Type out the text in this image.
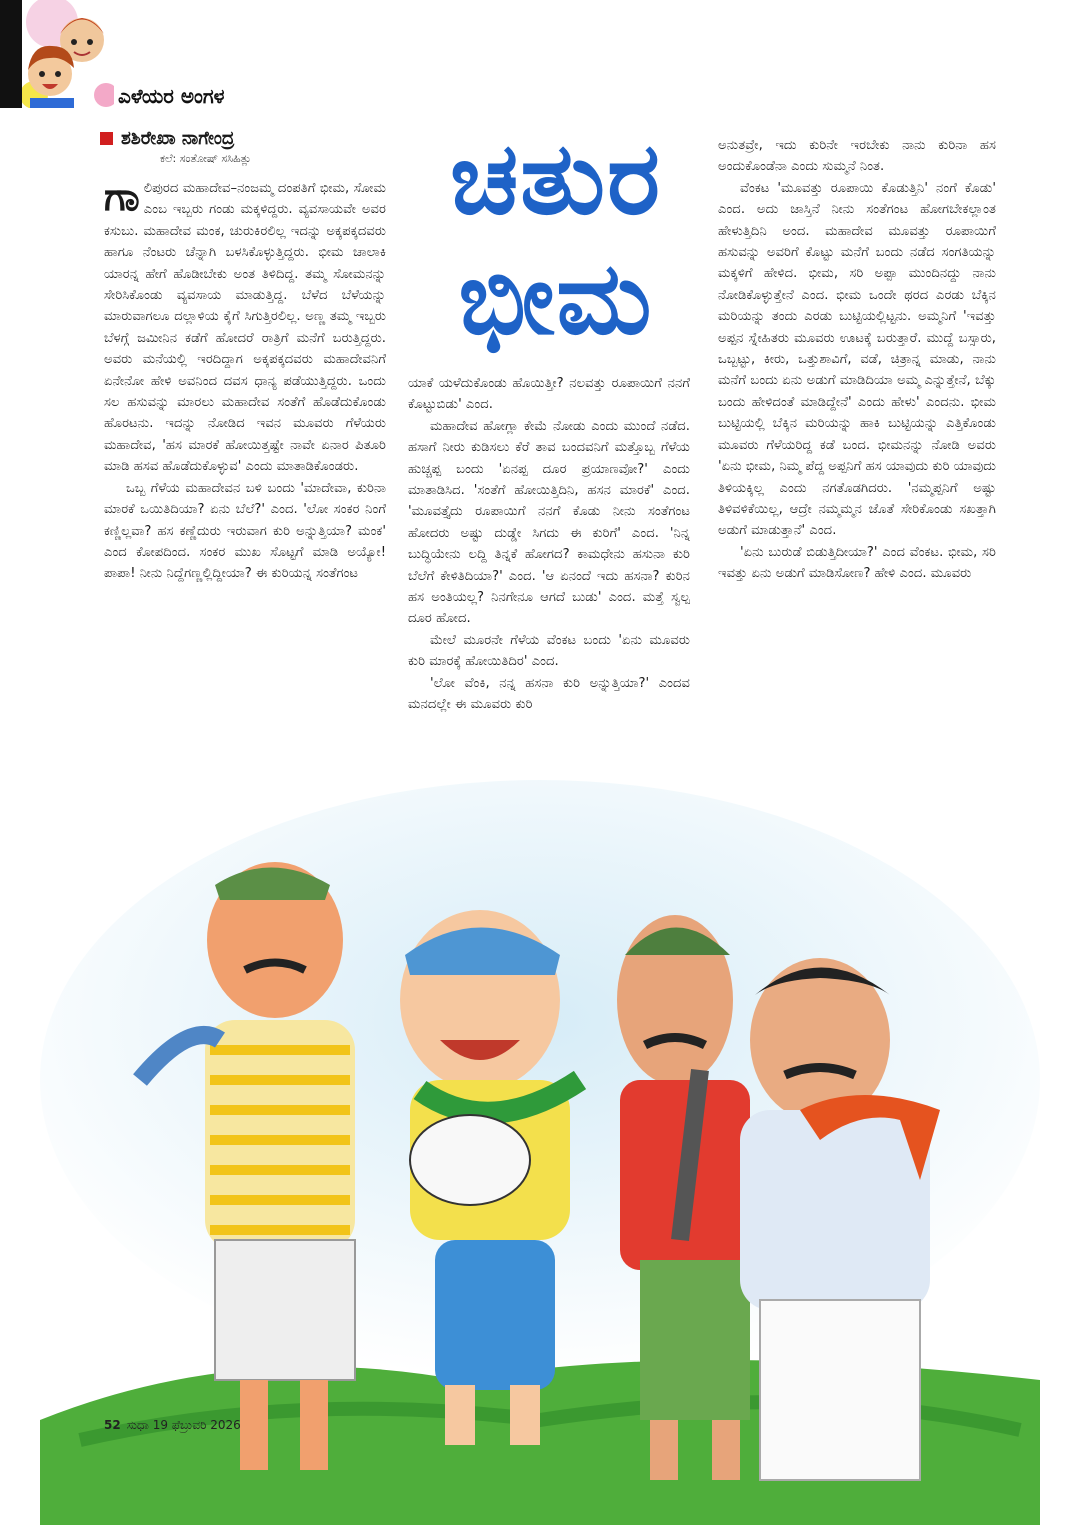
ಎಳೆಯರ ಅಂಗಳ
ಶಶಿರೇಖಾ ನಾಗೇಂದ್ರ
ಕಲೆ: ಸಂತೋಷ್ ಸಸಿಹಿತ್ಲು	ಚತುರ
ಭೀಮ

ಗಾಲಿಪುರದ ಮಹಾದೇವ–ನಂಜಮ್ಮ ದಂಪತಿಗೆ ಭೀಮ, ಸೋಮ ಎಂಬ ಇಬ್ಬರು ಗಂಡು ಮಕ್ಕಳಿದ್ದರು. ವ್ಯವಸಾಯವೇ ಅವರ ಕಸುಬು. ಮಹಾದೇವ ಮಂಕ, ಚುರುಕಿರಲಿಲ್ಲ ಇದನ್ನು ಅಕ್ಕಪಕ್ಕದವರು ಹಾಗೂ ನೆಂಟರು ಚೆನ್ನಾಗಿ ಬಳಸಿಕೊಳ್ಳುತ್ತಿದ್ದರು. ಭೀಮ ಚಾಲಾಕಿ ಯಾರನ್ನ ಹೇಗೆ ಹೊಡೀಬೇಕು ಅಂತ ತಿಳಿದಿದ್ದ. ತಮ್ಮ ಸೋಮನನ್ನು ಸೇರಿಸಿಕೊಂಡು ವ್ಯವಸಾಯ ಮಾಡುತ್ತಿದ್ದ. ಬೆಳೆದ ಬೆಳೆಯನ್ನು ಮಾರುವಾಗಲೂ ದಲ್ಲಾಳಿಯ ಕೈಗೆ ಸಿಗುತ್ತಿರಲಿಲ್ಲ. ಅಣ್ಣ ತಮ್ಮ ಇಬ್ಬರು ಬೆಳಗ್ಗೆ ಜಮೀನಿನ ಕಡೆಗೆ ಹೋದರೆ ರಾತ್ರಿಗೆ ಮನೆಗೆ ಬರುತ್ತಿದ್ದರು. ಅವರು ಮನೆಯಲ್ಲಿ ಇರದಿದ್ದಾಗ ಅಕ್ಕಪಕ್ಕದವರು ಮಹಾದೇವನಿಗೆ ಏನೇನೋ ಹೇಳಿ ಅವನಿಂದ ದವಸ ಧಾನ್ಯ ಪಡೆಯುತ್ತಿದ್ದರು. ಒಂದು ಸಲ ಹಸುವನ್ನು ಮಾರಲು ಮಹಾದೇವ ಸಂತೆಗೆ ಹೊಡೆದುಕೊಂಡು ಹೊರಟನು. ಇದನ್ನು ನೋಡಿದ ಇವನ ಮೂವರು ಗೆಳೆಯರು ಮಹಾದೇವ, 'ಹಸ ಮಾರಕೆ ಹೋಯಿತ್ತಷ್ಟೇ ನಾವೇ ಏನಾರ ಪಿತೂರಿ ಮಾಡಿ ಹಸವ ಹೊಡೆದುಕೊಳ್ಳುವ' ಎಂದು ಮಾತಾಡಿಕೊಂಡರು.

ಒಬ್ಬ ಗೆಳೆಯ ಮಹಾದೇವನ ಬಳಿ ಬಂದು 'ಮಾದೇವಾ, ಕುರಿನಾ ಮಾರಕೆ ಒಯಿತಿದಿಯಾ? ಏನು ಬೆಲೆ?' ಎಂದ. 'ಲೋ ಸಂಕರ ನಿಂಗೆ ಕಣ್ಣಿಲ್ಲವಾ? ಹಸ ಕಣ್ಣೆದುರು ಇರುವಾಗ ಕುರಿ ಅನ್ನುತ್ತಿಯಾ? ಮಂಕ' ಎಂದ ಕೋಪದಿಂದ. ಸಂಕರ ಮುಖ ಸೊಟ್ಟಗೆ ಮಾಡಿ ಅಯ್ಯೋ! ಪಾಪಾ! ನೀನು ನಿದ್ದೆಗಣ್ಣಲ್ಲಿದ್ದೀಯಾ? ಈ ಕುರಿಯನ್ನ ಸಂತೆಗಂಟ

ಯಾಕೆ ಯಳೆದುಕೊಂಡು ಹೊಯಿತ್ತೀ? ನಲವತ್ತು ರೂಪಾಯಿಗೆ ನನಗೆ ಕೊಟ್ಟುಬಿಡು' ಎಂದ.

ಮಹಾದೇವ ಹೋಗ್ಲಾ ಕೇಮೆ ನೋಡು ಎಂದು ಮುಂದೆ ನಡೆದ. ಹಸಾಗೆ ನೀರು ಕುಡಿಸಲು ಕೆರೆ ತಾವ ಬಂದವನಿಗೆ ಮತ್ತೊಬ್ಬ ಗೆಳೆಯ ಹುಚ್ಚಪ್ಪ ಬಂದು 'ಏನಪ್ಪ ದೂರ ಪ್ರಯಾಣವೋ?' ಎಂದು ಮಾತಾಡಿಸಿದ. 'ಸಂತೆಗೆ ಹೋಯಿತ್ತಿದಿನಿ, ಹಸನ ಮಾರಕೆ' ಎಂದ. 'ಮೂವತ್ತೈದು ರೂಪಾಯಿಗೆ ನನಗೆ ಕೊಡು ನೀನು ಸಂತೆಗಂಟ ಹೋದರು ಅಷ್ಟು ದುಡ್ಡೇ ಸಿಗದು ಈ ಕುರಿಗೆ' ಎಂದ. 'ನಿನ್ನ ಬುದ್ಧಿಯೇನು ಲದ್ದಿ ತಿನ್ನಕೆ ಹೋಗದ? ಕಾಮಧೇನು ಹಸುನಾ ಕುರಿ ಬೆಲೆಗೆ ಕೇಳಿತಿದಿಯಾ?' ಎಂದ. 'ಆ ಏನಂದೆ ಇದು ಹಸನಾ? ಕುರಿನ ಹಸ ಅಂತಿಯಲ್ಲ? ನಿನಗೇನೂ ಆಗದೆ ಬುಡು' ಎಂದ. ಮತ್ತೆ ಸ್ವಲ್ಪ ದೂರ ಹೋದ.

ಮೇಲೆ ಮೂರನೇ ಗೆಳೆಯ ವೆಂಕಟ ಬಂದು 'ಏನು ಮೂವರು ಕುರಿ ಮಾರಕ್ಕೆ ಹೋಯಿತಿದಿರ' ಎಂದ.

'ಲೋ ವೆಂಕಿ, ನನ್ನ ಹಸನಾ ಕುರಿ ಅನ್ನುತ್ತಿಯಾ?' ಎಂದವ ಮನದಲ್ಲೇ ಈ ಮೂವರು ಕುರಿ

ಅನುತವ್ರೇ, ಇದು ಕುರಿನೇ ಇರಬೇಕು ನಾನು ಕುರಿನಾ ಹಸ ಅಂದುಕೊಂಡೆನಾ ಎಂದು ಸುಮ್ಮನೆ ನಿಂತ.

ವೆಂಕಟ 'ಮೂವತ್ತು ರೂಪಾಯಿ ಕೊಡುತ್ತಿನಿ' ನಂಗೆ ಕೊಡು' ಎಂದ. ಅದು ಜಾಸ್ತಿನೆ ನೀನು ಸಂತೆಗಂಟ ಹೋಗಬೇಕಲ್ಲಾಂತ ಹೇಳುತ್ತಿದಿನಿ ಅಂದ. ಮಹಾದೇವ ಮೂವತ್ತು ರೂಪಾಯಿಗೆ ಹಸುವನ್ನು ಅವರಿಗೆ ಕೊಟ್ಟು ಮನೆಗೆ ಬಂದು ನಡೆದ ಸಂಗತಿಯನ್ನು ಮಕ್ಕಳಿಗೆ ಹೇಳಿದ. ಭೀಮ, ಸರಿ ಅಪ್ಪಾ ಮುಂದಿನದ್ದು ನಾನು ನೋಡಿಕೊಳ್ಳುತ್ತೇನೆ ಎಂದ. ಭೀಮ ಒಂದೇ ಥರದ ಎರಡು ಬೆಕ್ಕಿನ ಮರಿಯನ್ನು ತಂದು ಎರಡು ಬುಟ್ಟಿಯಲ್ಲಿಟ್ಟನು. ಅಮ್ಮನಿಗೆ 'ಇವತ್ತು ಅಪ್ಪನ ಸ್ನೇಹಿತರು ಮೂವರು ಊಟಕ್ಕೆ ಬರುತ್ತಾರೆ. ಮುದ್ದೆ ಬಸ್ಸಾರು, ಒಬ್ಬಟ್ಟು, ಕೀರು, ಒತ್ತುಶಾವಿಗೆ, ವಡೆ, ಚಿತ್ರಾನ್ನ ಮಾಡು, ನಾನು ಮನೆಗೆ ಬಂದು ಏನು ಅಡುಗೆ ಮಾಡಿದಿಯಾ ಅಮ್ಮ ಎನ್ನುತ್ತೇನೆ, ಬೆಕ್ಕು ಬಂದು ಹೇಳಿದಂತೆ ಮಾಡಿದ್ದೇನೆ' ಎಂದು ಹೇಳು' ಎಂದನು. ಭೀಮ ಬುಟ್ಟಿಯಲ್ಲಿ ಬೆಕ್ಕಿನ ಮರಿಯನ್ನು ಹಾಕಿ ಬುಟ್ಟಿಯನ್ನು ಎತ್ತಿಕೊಂಡು ಮೂವರು ಗೆಳೆಯರಿದ್ದ ಕಡೆ ಬಂದ. ಭೀಮನನ್ನು ನೋಡಿ ಅವರು 'ಏನು ಭೀಮ, ನಿಮ್ಮ ಪೆದ್ದ ಅಪ್ಪನಿಗೆ ಹಸ ಯಾವುದು ಕುರಿ ಯಾವುದು ತಿಳಿಯಕ್ಕಿಲ್ಲ ಎಂದು ನಗತೊಡಗಿದರು. 'ನಮ್ಮಪ್ಪನಿಗೆ ಅಷ್ಟು ತಿಳಿವಳಿಕೆಯಿಲ್ಲ, ಆದ್ರೇ ನಮ್ಮಮ್ಮನ ಜೊತೆ ಸೇರಿಕೊಂಡು ಸಖತ್ತಾಗಿ ಅಡುಗೆ ಮಾಡುತ್ತಾನೆ' ಎಂದ.

'ಏನು ಬುರುಡೆ ಬಿಡುತ್ತಿದೀಯಾ?' ಎಂದ ವೆಂಕಟ. ಭೀಮ, ಸರಿ ಇವತ್ತು ಏನು ಅಡುಗೆ ಮಾಡಿಸೋಣ? ಹೇಳಿ ಎಂದ. ಮೂವರು

52 ಸುಧಾ 19 ಫೆಬ್ರುವರಿ 2026
